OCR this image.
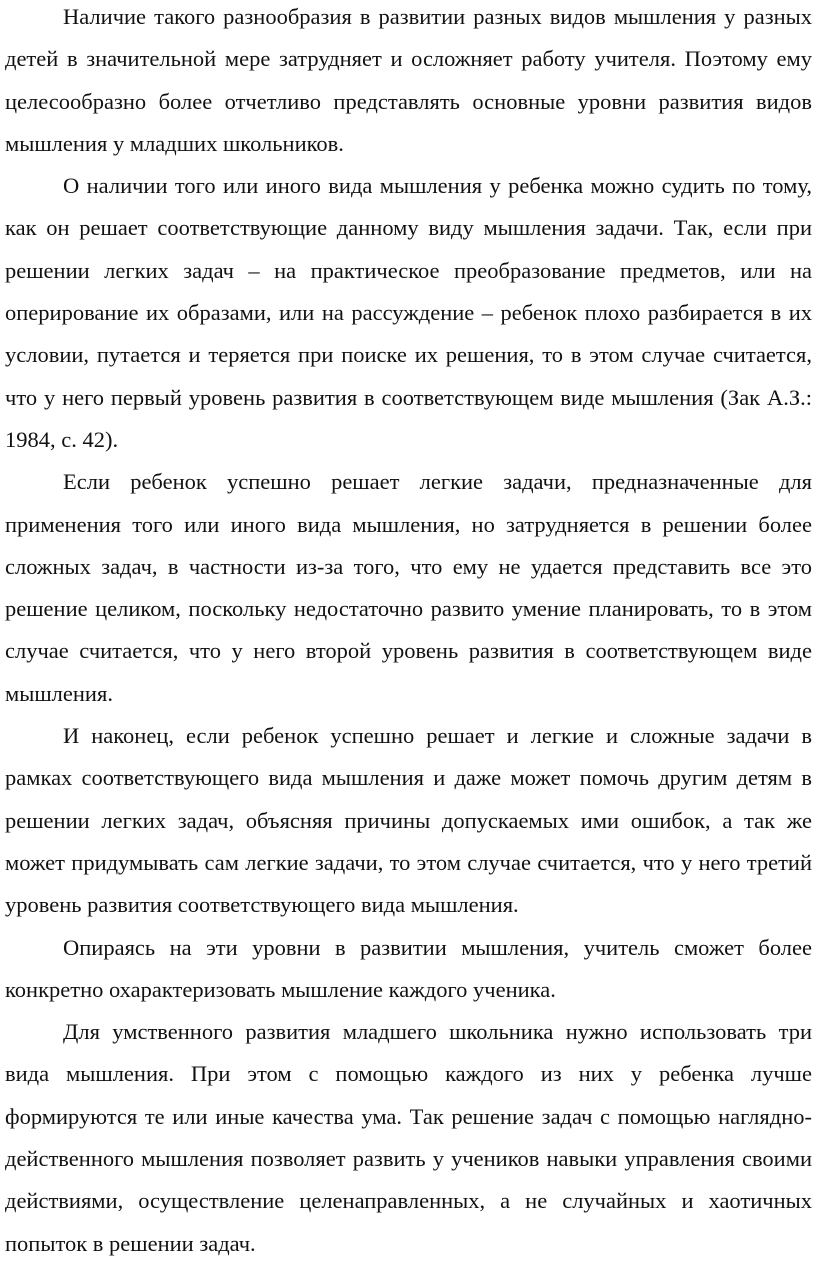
Наличие такого разнообразия в развитии разных видов мышления у разных детей в значительной мере затрудняет и осложняет работу учителя. Поэтому ему целесообразно более отчетливо представлять основные уровни развития видов мышления у младших школьников.

О наличии того или иного вида мышления у ребенка можно судить по тому, как он решает соответствующие данному виду мышления задачи. Так, если при решении легких задач – на практическое преобразование предметов, или на оперирование их образами, или на рассуждение – ребенок плохо разбирается в их условии, путается и теряется при поиске их решения, то в этом случае считается, что у него первый уровень развития в соответствующем виде мышления (Зак А.З.: 1984, с. 42).

Если ребенок успешно решает легкие задачи, предназначенные для применения того или иного вида мышления, но затрудняется в решении более сложных задач, в частности из-за того, что ему не удается представить все это решение целиком, поскольку недостаточно развито умение планировать, то в этом случае считается, что у него второй уровень развития в соответствующем виде мышления.

И наконец, если ребенок успешно решает и легкие и сложные задачи в рамках соответствующего вида мышления и даже может помочь другим детям в решении легких задач, объясняя причины допускаемых ими ошибок, а так же может придумывать сам легкие задачи, то этом случае считается, что у него третий уровень развития соответствующего вида мышления.

Опираясь на эти уровни в развитии мышления, учитель сможет более конкретно охарактеризовать мышление каждого ученика.

Для умственного развития младшего школьника нужно использовать три вида мышления. При этом с помощью каждого из них у ребенка лучше формируются те или иные качества ума. Так решение задач с помощью наглядно-действенного мышления позволяет развить у учеников навыки управления своими действиями, осуществление целенаправленных, а не случайных и хаотичных попыток в решении задач.
